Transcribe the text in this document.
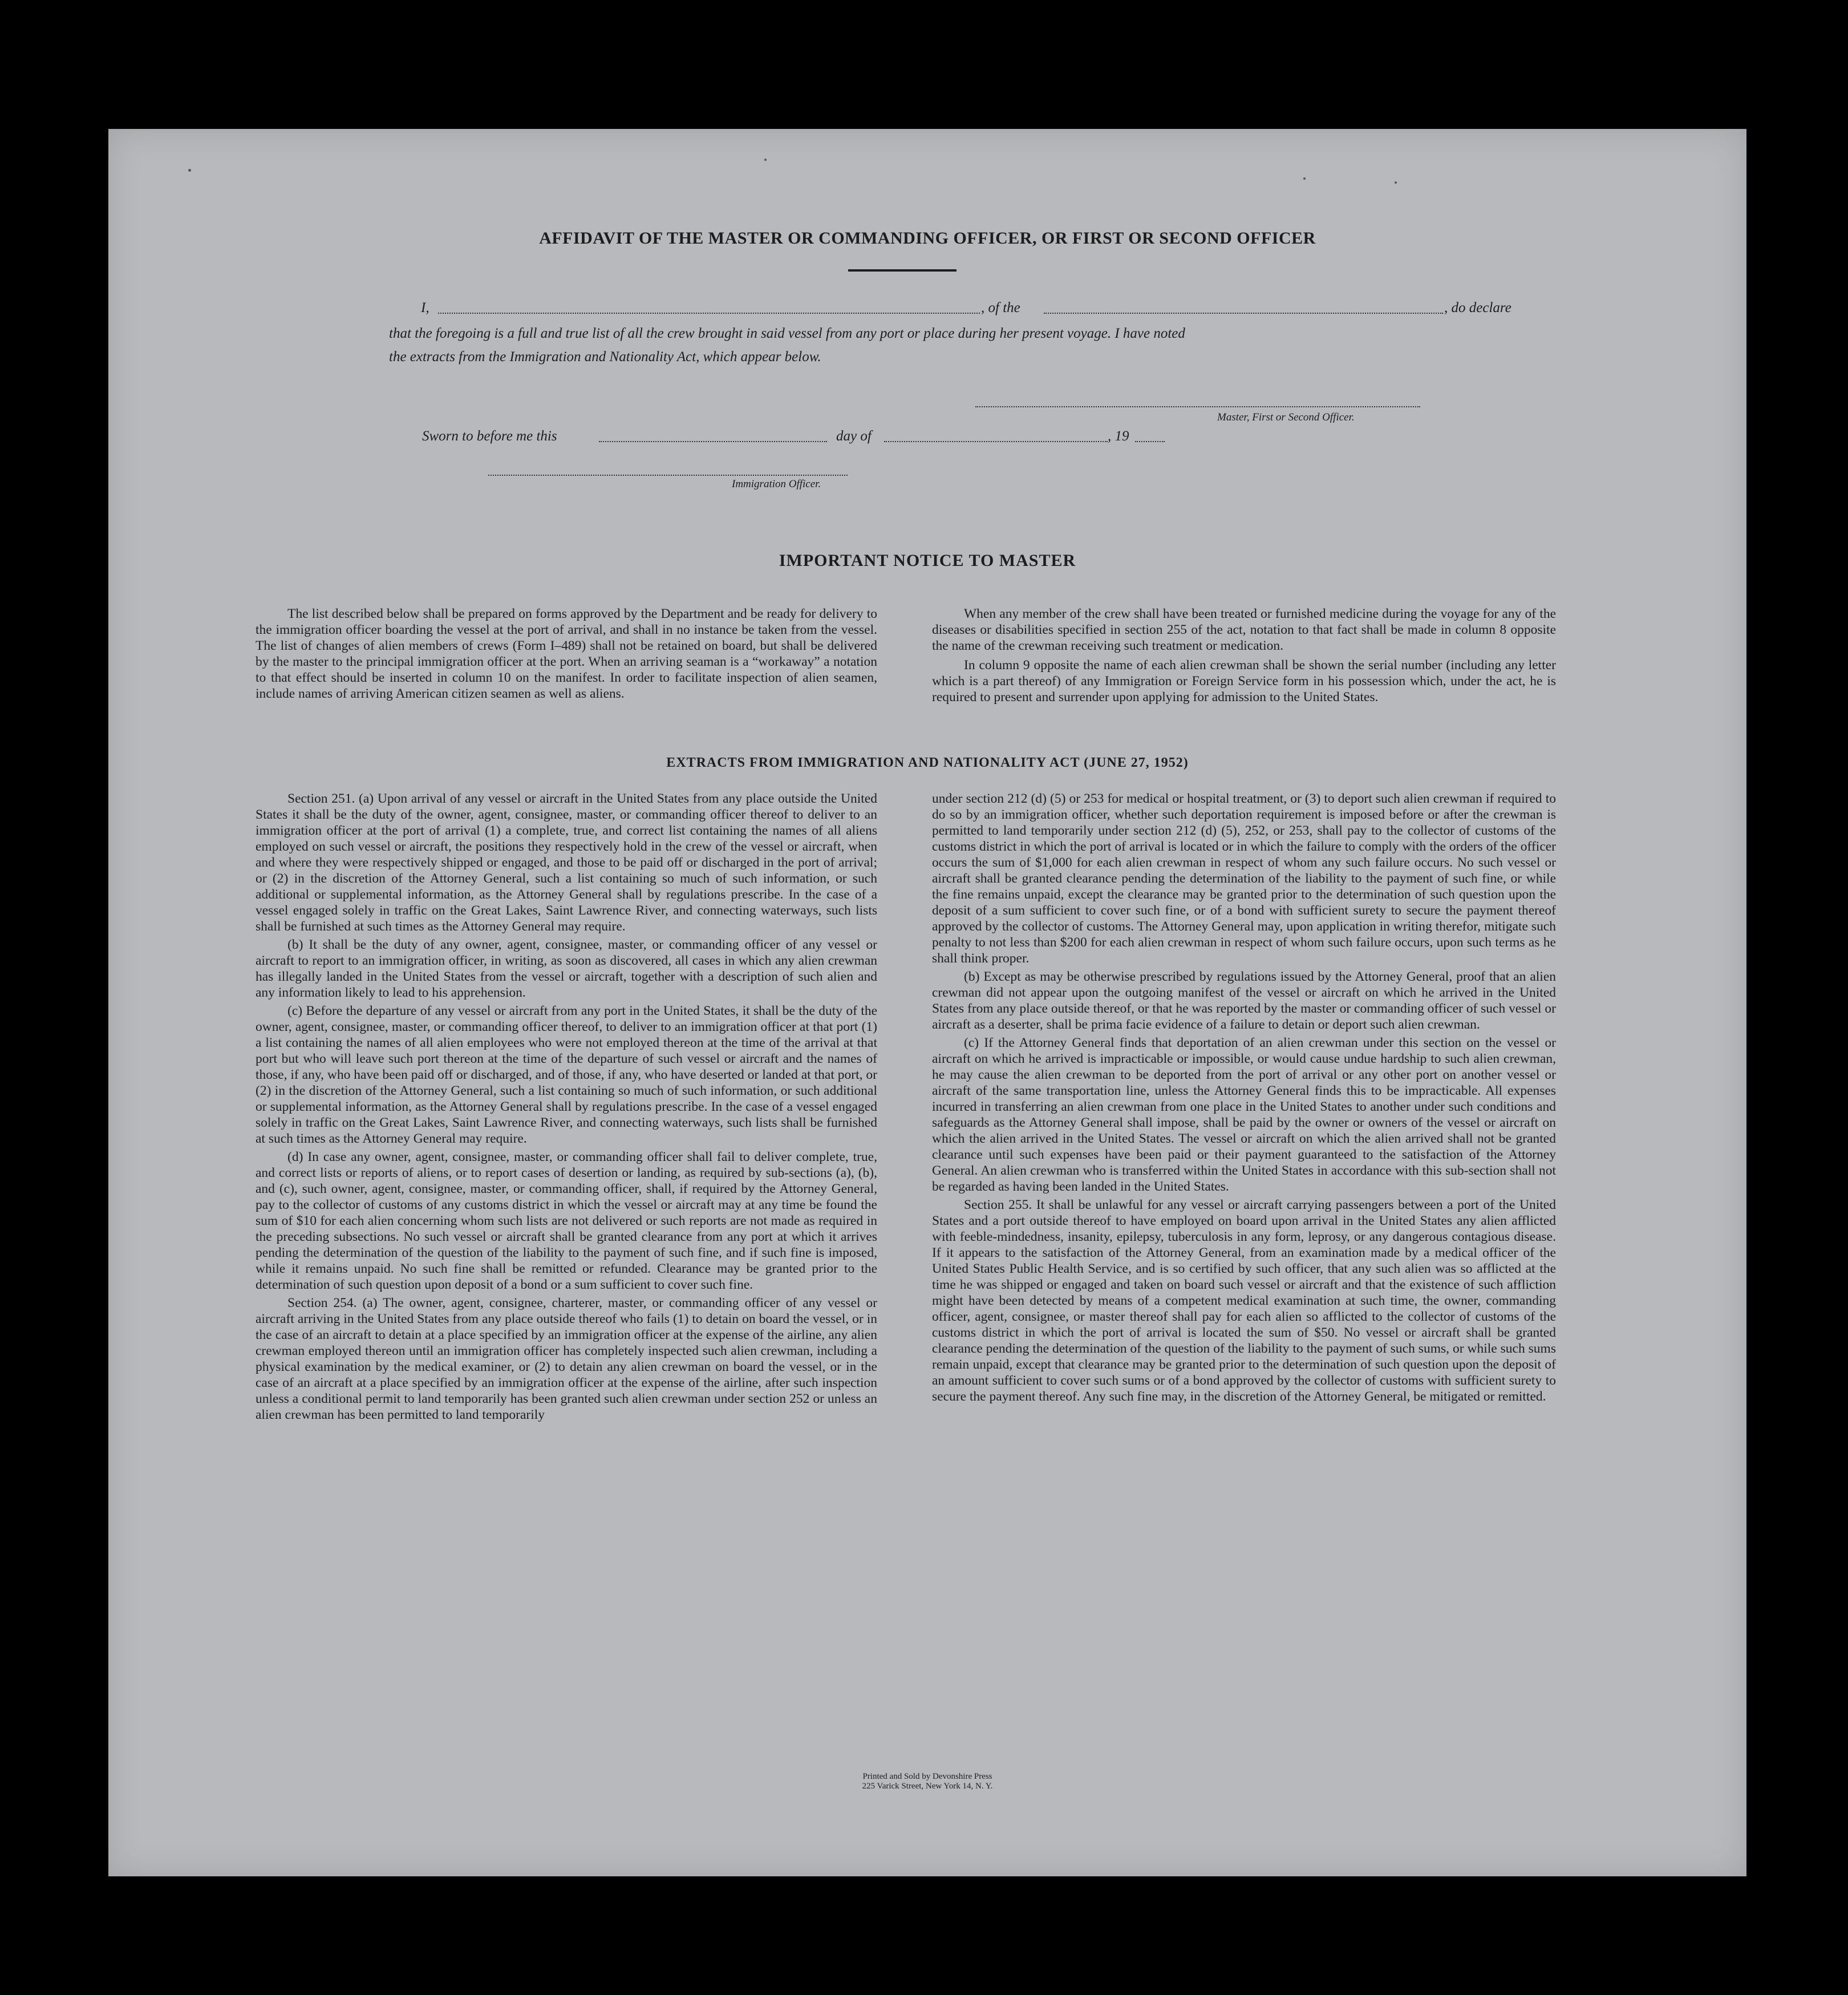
AFFIDAVIT OF THE MASTER OR COMMANDING OFFICER, OR FIRST OR SECOND OFFICER
I,	, of the	, do declare
that the foregoing is a full and true list of all the crew brought in said vessel from any port or place during her present voyage. I have noted
the extracts from the Immigration and Nationality Act, which appear below.
Master, First or Second Officer.
Sworn to before me this	day of	, 19
Immigration Officer.
IMPORTANT NOTICE TO MASTER

The list described below shall be prepared on forms approved by the Department and be ready for delivery to the immigration officer boarding the vessel at the port of arrival, and shall in no instance be taken from the vessel. The list of changes of alien members of crews (Form I–489) shall not be retained on board, but shall be delivered by the master to the principal immigration officer at the port. When an arriving seaman is a “workaway” a notation to that effect should be inserted in column 10 on the manifest. In order to facilitate inspection of alien seamen, include names of arriving American citizen seamen as well as aliens.

When any member of the crew shall have been treated or furnished medicine during the voyage for any of the diseases or disabilities specified in section 255 of the act, notation to that fact shall be made in column 8 opposite the name of the crewman receiving such treatment or medication.

In column 9 opposite the name of each alien crewman shall be shown the serial number (including any letter which is a part thereof) of any Immigration or Foreign Service form in his possession which, under the act, he is required to present and surrender upon applying for admission to the United States.

EXTRACTS FROM IMMIGRATION AND NATIONALITY ACT (JUNE 27, 1952)

Section 251. (a) Upon arrival of any vessel or aircraft in the United States from any place outside the United States it shall be the duty of the owner, agent, consignee, master, or commanding officer thereof to deliver to an immigration officer at the port of arrival (1) a complete, true, and correct list containing the names of all aliens employed on such vessel or aircraft, the positions they respectively hold in the crew of the vessel or aircraft, when and where they were respectively shipped or engaged, and those to be paid off or discharged in the port of arrival; or (2) in the discretion of the Attorney General, such a list containing so much of such information, or such additional or supplemental information, as the Attorney General shall by regulations prescribe. In the case of a vessel engaged solely in traffic on the Great Lakes, Saint Lawrence River, and connecting waterways, such lists shall be furnished at such times as the Attorney General may require.

(b) It shall be the duty of any owner, agent, consignee, master, or commanding officer of any vessel or aircraft to report to an immigration officer, in writing, as soon as discovered, all cases in which any alien crewman has illegally landed in the United States from the vessel or aircraft, together with a description of such alien and any information likely to lead to his apprehension.

(c) Before the departure of any vessel or aircraft from any port in the United States, it shall be the duty of the owner, agent, consignee, master, or commanding officer thereof, to deliver to an immigration officer at that port (1) a list containing the names of all alien employees who were not employed thereon at the time of the arrival at that port but who will leave such port thereon at the time of the departure of such vessel or aircraft and the names of those, if any, who have been paid off or discharged, and of those, if any, who have deserted or landed at that port, or (2) in the discretion of the Attorney General, such a list containing so much of such information, or such additional or supplemental information, as the Attorney General shall by regulations prescribe. In the case of a vessel engaged solely in traffic on the Great Lakes, Saint Lawrence River, and connecting waterways, such lists shall be furnished at such times as the Attorney General may require.

(d) In case any owner, agent, consignee, master, or commanding officer shall fail to deliver complete, true, and correct lists or reports of aliens, or to report cases of desertion or landing, as required by sub-sections (a), (b), and (c), such owner, agent, consignee, master, or commanding officer, shall, if required by the Attorney General, pay to the collector of customs of any customs district in which the vessel or aircraft may at any time be found the sum of $10 for each alien concerning whom such lists are not delivered or such reports are not made as required in the preceding subsections. No such vessel or aircraft shall be granted clearance from any port at which it arrives pending the determination of the question of the liability to the payment of such fine, and if such fine is imposed, while it remains unpaid. No such fine shall be remitted or refunded. Clearance may be granted prior to the determination of such question upon deposit of a bond or a sum sufficient to cover such fine.

Section 254. (a) The owner, agent, consignee, charterer, master, or commanding officer of any vessel or aircraft arriving in the United States from any place outside thereof who fails (1) to detain on board the vessel, or in the case of an aircraft to detain at a place specified by an immigration officer at the expense of the airline, any alien crewman employed thereon until an immigration officer has completely inspected such alien crewman, including a physical examination by the medical examiner, or (2) to detain any alien crewman on board the vessel, or in the case of an aircraft at a place specified by an immigration officer at the expense of the airline, after such inspection unless a conditional permit to land temporarily has been granted such alien crewman under section 252 or unless an alien crewman has been permitted to land temporarily

under section 212 (d) (5) or 253 for medical or hospital treatment, or (3) to deport such alien crewman if required to do so by an immigration officer, whether such deportation requirement is imposed before or after the crewman is permitted to land temporarily under section 212 (d) (5), 252, or 253, shall pay to the collector of customs of the customs district in which the port of arrival is located or in which the failure to comply with the orders of the officer occurs the sum of $1,000 for each alien crewman in respect of whom any such failure occurs. No such vessel or aircraft shall be granted clearance pending the determination of the liability to the payment of such fine, or while the fine remains unpaid, except the clearance may be granted prior to the determination of such question upon the deposit of a sum sufficient to cover such fine, or of a bond with sufficient surety to secure the payment thereof approved by the collector of customs. The Attorney General may, upon application in writing therefor, mitigate such penalty to not less than $200 for each alien crewman in respect of whom such failure occurs, upon such terms as he shall think proper.

(b) Except as may be otherwise prescribed by regulations issued by the Attorney General, proof that an alien crewman did not appear upon the outgoing manifest of the vessel or aircraft on which he arrived in the United States from any place outside thereof, or that he was reported by the master or commanding officer of such vessel or aircraft as a deserter, shall be prima facie evidence of a failure to detain or deport such alien crewman.

(c) If the Attorney General finds that deportation of an alien crewman under this section on the vessel or aircraft on which he arrived is impracticable or impossible, or would cause undue hardship to such alien crewman, he may cause the alien crewman to be deported from the port of arrival or any other port on another vessel or aircraft of the same transportation line, unless the Attorney General finds this to be impracticable. All expenses incurred in transferring an alien crewman from one place in the United States to another under such conditions and safeguards as the Attorney General shall impose, shall be paid by the owner or owners of the vessel or aircraft on which the alien arrived in the United States. The vessel or aircraft on which the alien arrived shall not be granted clearance until such expenses have been paid or their payment guaranteed to the satisfaction of the Attorney General. An alien crewman who is transferred within the United States in accordance with this sub-section shall not be regarded as having been landed in the United States.

Section 255. It shall be unlawful for any vessel or aircraft carrying passengers between a port of the United States and a port outside thereof to have employed on board upon arrival in the United States any alien afflicted with feeble-mindedness, insanity, epilepsy, tuberculosis in any form, leprosy, or any dangerous contagious disease. If it appears to the satisfaction of the Attorney General, from an examination made by a medical officer of the United States Public Health Service, and is so certified by such officer, that any such alien was so afflicted at the time he was shipped or engaged and taken on board such vessel or aircraft and that the existence of such affliction might have been detected by means of a competent medical examination at such time, the owner, commanding officer, agent, consignee, or master thereof shall pay for each alien so afflicted to the collector of customs of the customs district in which the port of arrival is located the sum of $50. No vessel or aircraft shall be granted clearance pending the determination of the question of the liability to the payment of such sums, or while such sums remain unpaid, except that clearance may be granted prior to the determination of such question upon the deposit of an amount sufficient to cover such sums or of a bond approved by the collector of customs with sufficient surety to secure the payment thereof. Any such fine may, in the discretion of the Attorney General, be mitigated or remitted.

Printed and Sold by Devonshire Press
225 Varick Street, New York 14, N. Y.
